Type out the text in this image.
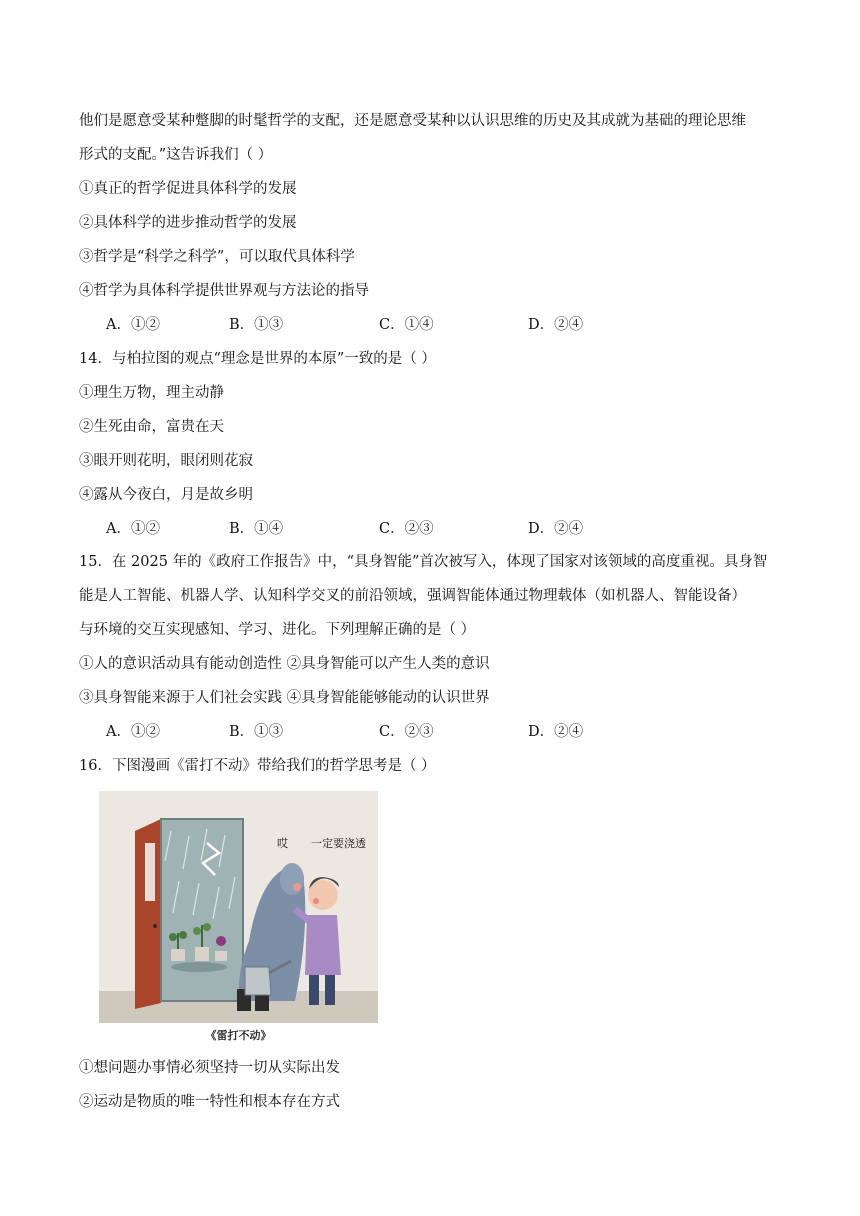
他们是愿意受某种蹩脚的时髦哲学的支配，还是愿意受某种以认识思维的历史及其成就为基础的理论思维
形式的支配。”这告诉我们（ ）
①真正的哲学促进具体科学的发展
②具体科学的进步推动哲学的发展
③哲学是“科学之科学”，可以取代具体科学
④哲学为具体科学提供世界观与方法论的指导
A．①②	B．①③	C．①④	D．②④
14．与柏拉图的观点“理念是世界的本原”一致的是（ ）
①理生万物，理主动静
②生死由命，富贵在天
③眼开则花明，眼闭则花寂
④露从今夜白，月是故乡明
A．①②	B．①④	C．②③	D．②④
15．在 2025 年的《政府工作报告》中，“具身智能”首次被写入，体现了国家对该领域的高度重视。具身智
能是人工智能、机器人学、认知科学交叉的前沿领域，强调智能体通过物理载体（如机器人、智能设备）
与环境的交互实现感知、学习、进化。下列理解正确的是（ ）
①人的意识活动具有能动创造性 ②具身智能可以产生人类的意识
③具身智能来源于人们社会实践 ④具身智能能够能动的认识世界
A．①②	B．①③	C．②③	D．②④
16．下图漫画《雷打不动》带给我们的哲学思考是（ ）
哎 一定要浇透
《雷打不动》
①想问题办事情必须坚持一切从实际出发
②运动是物质的唯一特性和根本存在方式
